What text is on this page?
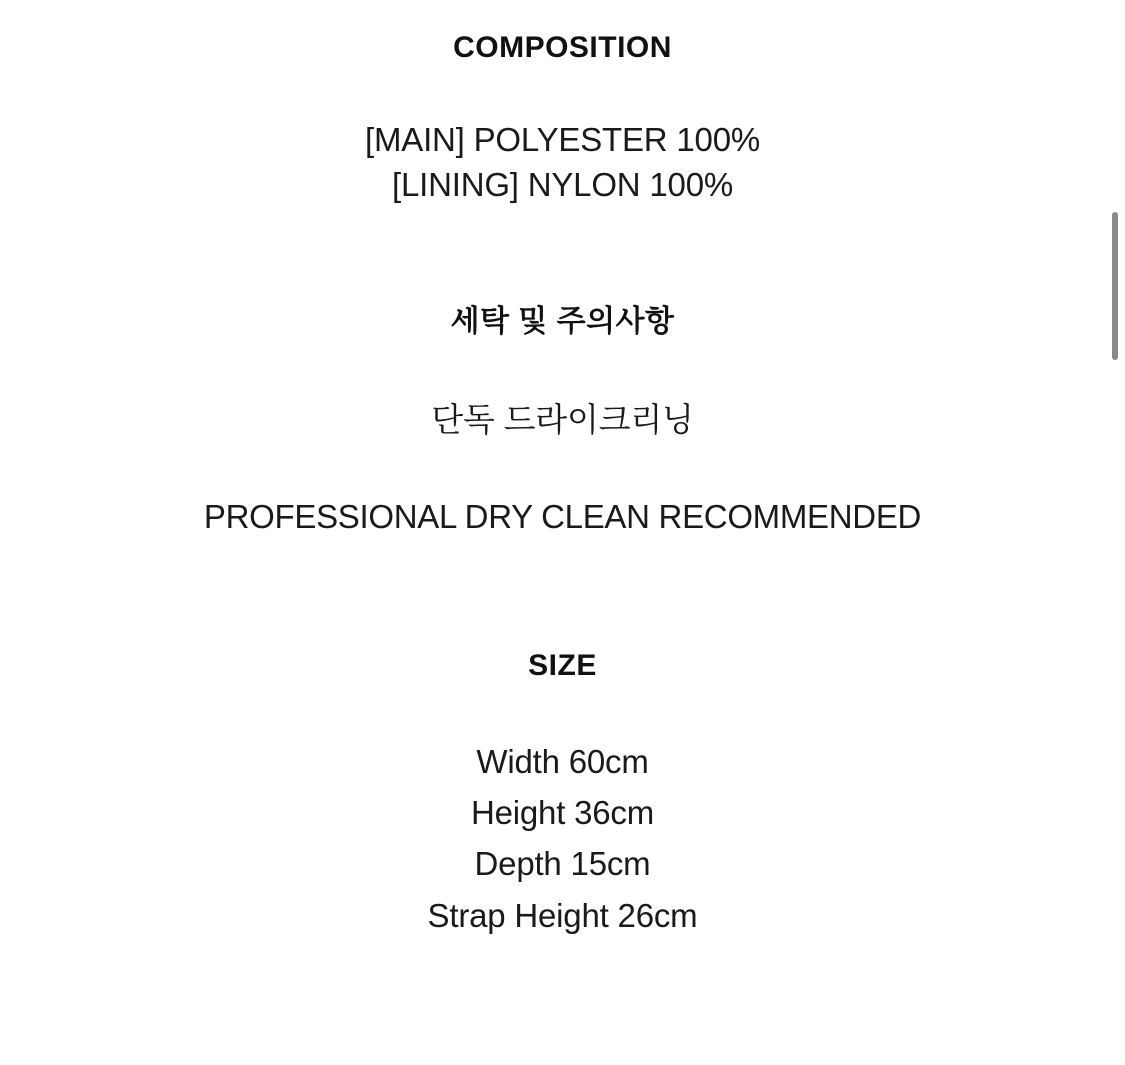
COMPOSITION
[MAIN] POLYESTER 100%
[LINING] NYLON 100%
세탁 및 주의사항
단독 드라이크리닝
PROFESSIONAL DRY CLEAN RECOMMENDED
SIZE
Width 60cm
Height 36cm
Depth 15cm
Strap Height 26cm
